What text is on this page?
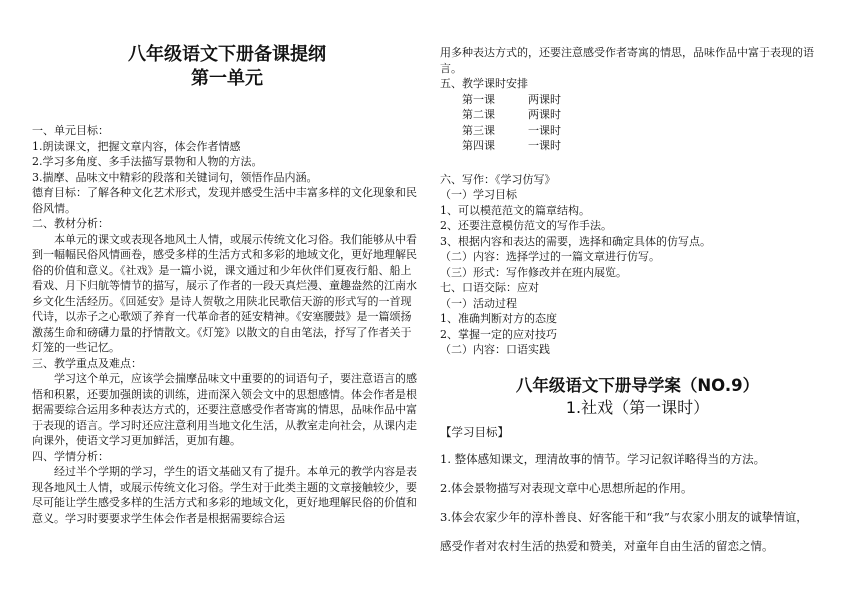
八年级语文下册备课提纲
第一单元

一、单元目标：

1.朗读课文，把握文章内容，体会作者情感

2.学习多角度、多手法描写景物和人物的方法。

3.揣摩、品味文中精彩的段落和关键词句，领悟作品内涵。

德育目标：了解各种文化艺术形式，发现并感受生活中丰富多样的文化现象和民俗风情。

二、教材分析：

本单元的课文或表现各地风土人情，或展示传统文化习俗。我们能够从中看到一幅幅民俗风情画卷，感受多样的生活方式和多彩的地域文化，更好地理解民俗的价值和意义。《社戏》是一篇小说，课文通过和少年伙伴们夏夜行船、船上看戏、月下归航等情节的描写，展示了作者的一段天真烂漫、童趣盎然的江南水乡文化生活经历。《回延安》是诗人贺敬之用陕北民歌信天游的形式写的一首现代诗，以赤子之心歌颂了养育一代革命者的延安精神。《安塞腰鼓》是一篇颂扬激荡生命和磅礴力量的抒情散文。《灯笼》以散文的自由笔法，抒写了作者关于灯笼的一些记忆。

三、教学重点及难点：

学习这个单元，应该学会揣摩品味文中重要的的词语句子，要注意语言的感悟和积累，还要加强朗读的训练，进而深入领会文中的思想感情。体会作者是根据需要综合运用多种表达方式的，还要注意感受作者寄寓的情思，品味作品中富于表现的语言。学习时还应注意利用当地文化生活，从教室走向社会，从课内走向课外，使语文学习更加鲜活，更加有趣。

四、学情分析：

经过半个学期的学习，学生的语文基础又有了提升。本单元的教学内容是表现各地风土人情，或展示传统文化习俗。学生对于此类主题的文章接触较少，要尽可能让学生感受多样的生活方式和多彩的地域文化，更好地理解民俗的价值和意义。学习时要要求学生体会作者是根据需要综合运

用多种表达方式的，还要注意感受作者寄寓的情思，品味作品中富于表现的语言。

五、教学课时安排

第一课	两课时
第二课	两课时
第三课	一课时
第四课	一课时

六、写作：《学习仿写》

（一）学习目标

1、可以模范范文的篇章结构。

2、还要注意模仿范文的写作手法。

3、根据内容和表达的需要，选择和确定具体的仿写点。

（二）内容：选择学过的一篇文章进行仿写。

（三）形式：写作修改并在班内展览。

七、口语交际：应对

（一）活动过程

1、准确判断对方的态度

2、掌握一定的应对技巧

（二）内容：口语实践

八年级语文下册导学案（NO.9）
1.社戏（第一课时）

【学习目标】

1. 整体感知课文，理清故事的情节。学习记叙详略得当的方法。

2.体会景物描写对表现文章中心思想所起的作用。

3.体会农家少年的淳朴善良、好客能干和“我”与农家小朋友的诚挚情谊，

感受作者对农村生活的热爱和赞美，对童年自由生活的留恋之情。
